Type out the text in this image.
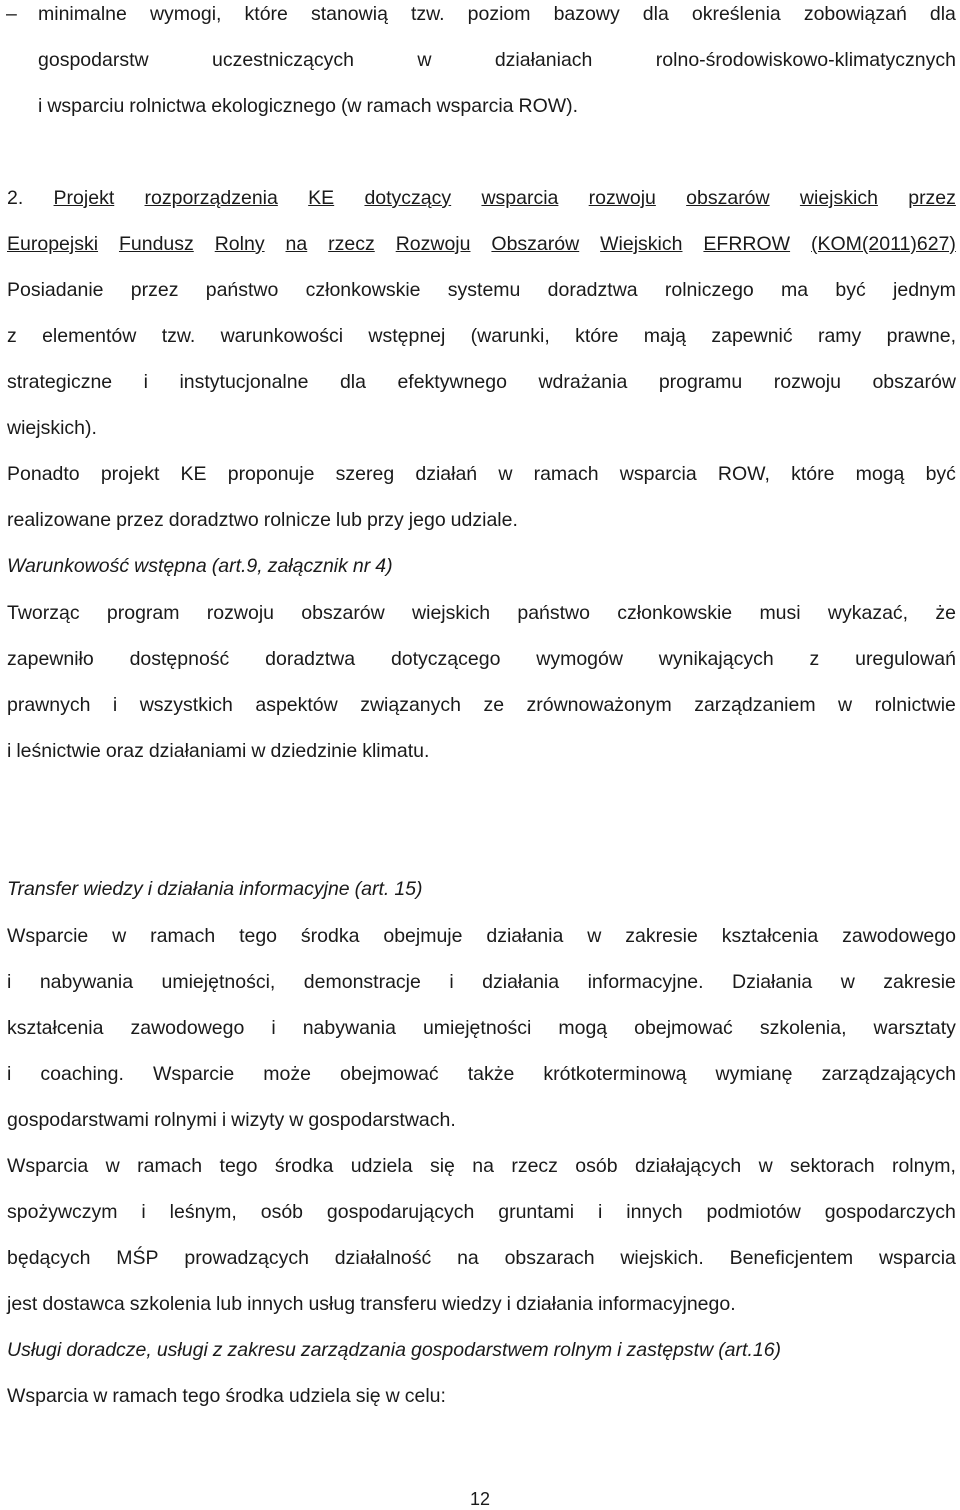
–	minimalne wymogi, które stanowią tzw. poziom bazowy dla określenia zobowiązań dla
gospodarstw	uczestniczących	w	działaniach	rolno-środowiskowo-klimatycznych
i wsparciu rolnictwa ekologicznego (w ramach wsparcia ROW).
2. Projekt rozporządzenia KE dotyczący wsparcia rozwoju obszarów wiejskich przez
Europejski Fundusz Rolny na rzecz Rozwoju Obszarów Wiejskich EFRROW (KOM(2011)627)
Posiadanie przez państwo członkowskie systemu doradztwa rolniczego ma być jednym
z elementów tzw. warunkowości wstępnej (warunki, które mają zapewnić ramy prawne,
strategiczne i instytucjonalne dla efektywnego wdrażania programu rozwoju obszarów
wiejskich).
Ponadto projekt KE proponuje szereg działań w ramach wsparcia ROW, które mogą być
realizowane przez doradztwo rolnicze lub przy jego udziale.
Warunkowość wstępna (art.9, załącznik nr 4)
Tworząc program rozwoju obszarów wiejskich państwo członkowskie musi wykazać, że
zapewniło dostępność doradztwa dotyczącego wymogów wynikających z uregulowań
prawnych i wszystkich aspektów związanych ze zrównoważonym zarządzaniem w rolnictwie
i leśnictwie oraz działaniami w dziedzinie klimatu.
Transfer wiedzy i działania informacyjne (art. 15)
Wsparcie w ramach tego środka obejmuje działania w zakresie kształcenia zawodowego
i nabywania umiejętności, demonstracje i działania informacyjne. Działania w zakresie
kształcenia zawodowego i nabywania umiejętności mogą obejmować szkolenia, warsztaty
i coaching. Wsparcie może obejmować także krótkoterminową wymianę zarządzających
gospodarstwami rolnymi i wizyty w gospodarstwach.
Wsparcia w ramach tego środka udziela się na rzecz osób działających w sektorach rolnym,
spożywczym i leśnym, osób gospodarujących gruntami i innych podmiotów gospodarczych
będących MŚP prowadzących działalność na obszarach wiejskich. Beneficjentem wsparcia
jest dostawca szkolenia lub innych usług transferu wiedzy i działania informacyjnego.
Usługi doradcze, usługi z zakresu zarządzania gospodarstwem rolnym i zastępstw (art.16)
Wsparcia w ramach tego środka udziela się w celu:
12
